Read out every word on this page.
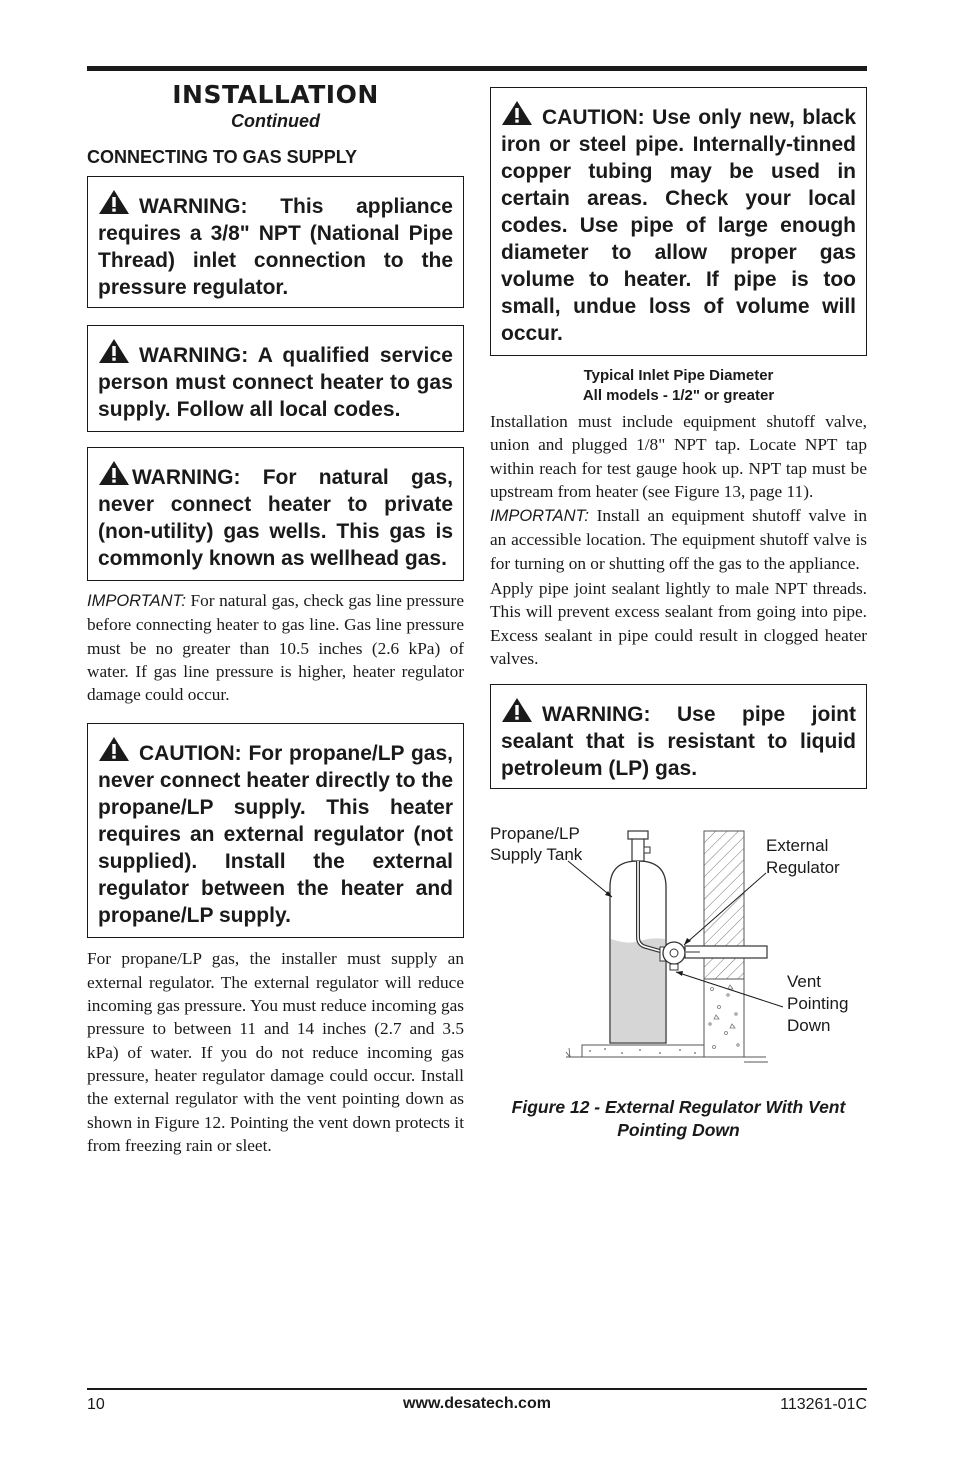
INSTALLATION

Continued

CONNECTING TO GAS SUPPLY

WARNING: This appliance requires a 3/8" NPT (National Pipe Thread) inlet connection to the pressure regulator.
WARNING: A qualified service person must connect heater to gas supply. Follow all local codes.
WARNING: For natural gas, never connect heater to private (non-utility) gas wells. This gas is commonly known as wellhead gas.

IMPORTANT: For natural gas, check gas line pressure before connecting heater to gas line. Gas line pressure must be no greater than 10.5 inches (2.6 kPa) of water. If gas line pressure is higher, heater regulator damage could occur.

CAUTION: For propane/LP gas, never connect heater directly to the propane/LP supply. This heater requires an external regulator (not supplied). Install the external regulator between the heater and propane/LP supply.

For propane/LP gas, the installer must supply an external regulator. The external regulator will reduce incoming gas pressure. You must reduce incoming gas pressure to between 11 and 14 inches (2.7 and 3.5 kPa) of water. If you do not reduce incoming gas pressure, heater regulator damage could occur. Install the external regulator with the vent pointing down as shown in Figure 12. Pointing the vent down protects it from freezing rain or sleet.

CAUTION: Use only new, black iron or steel pipe. Internally-tinned copper tubing may be used in certain areas. Check your local codes. Use pipe of large enough diameter to allow proper gas volume to heater. If pipe is too small, undue loss of volume will occur.

Typical Inlet Pipe Diameter

All models - 1/2" or greater

Installation must include equipment shutoff valve, union and plugged 1/8" NPT tap. Locate NPT tap within reach for test gauge hook up. NPT tap must be upstream from heater (see Figure 13, page 11).

IMPORTANT: Install an equipment shutoff valve in an accessible location. The equipment shutoff valve is for turning on or shutting off the gas to the appliance.

Apply pipe joint sealant lightly to male NPT threads. This will prevent excess sealant from going into pipe. Excess sealant in pipe could result in clogged heater valves.

WARNING: Use pipe joint sealant that is resistant to liquid petroleum (LP) gas.
Propane/LP
Supply Tank	External
Regulator
Vent
Pointing
Down
Figure 12 - External Regulator With Vent
Pointing Down
10	www.desatech.com	113261-01C
